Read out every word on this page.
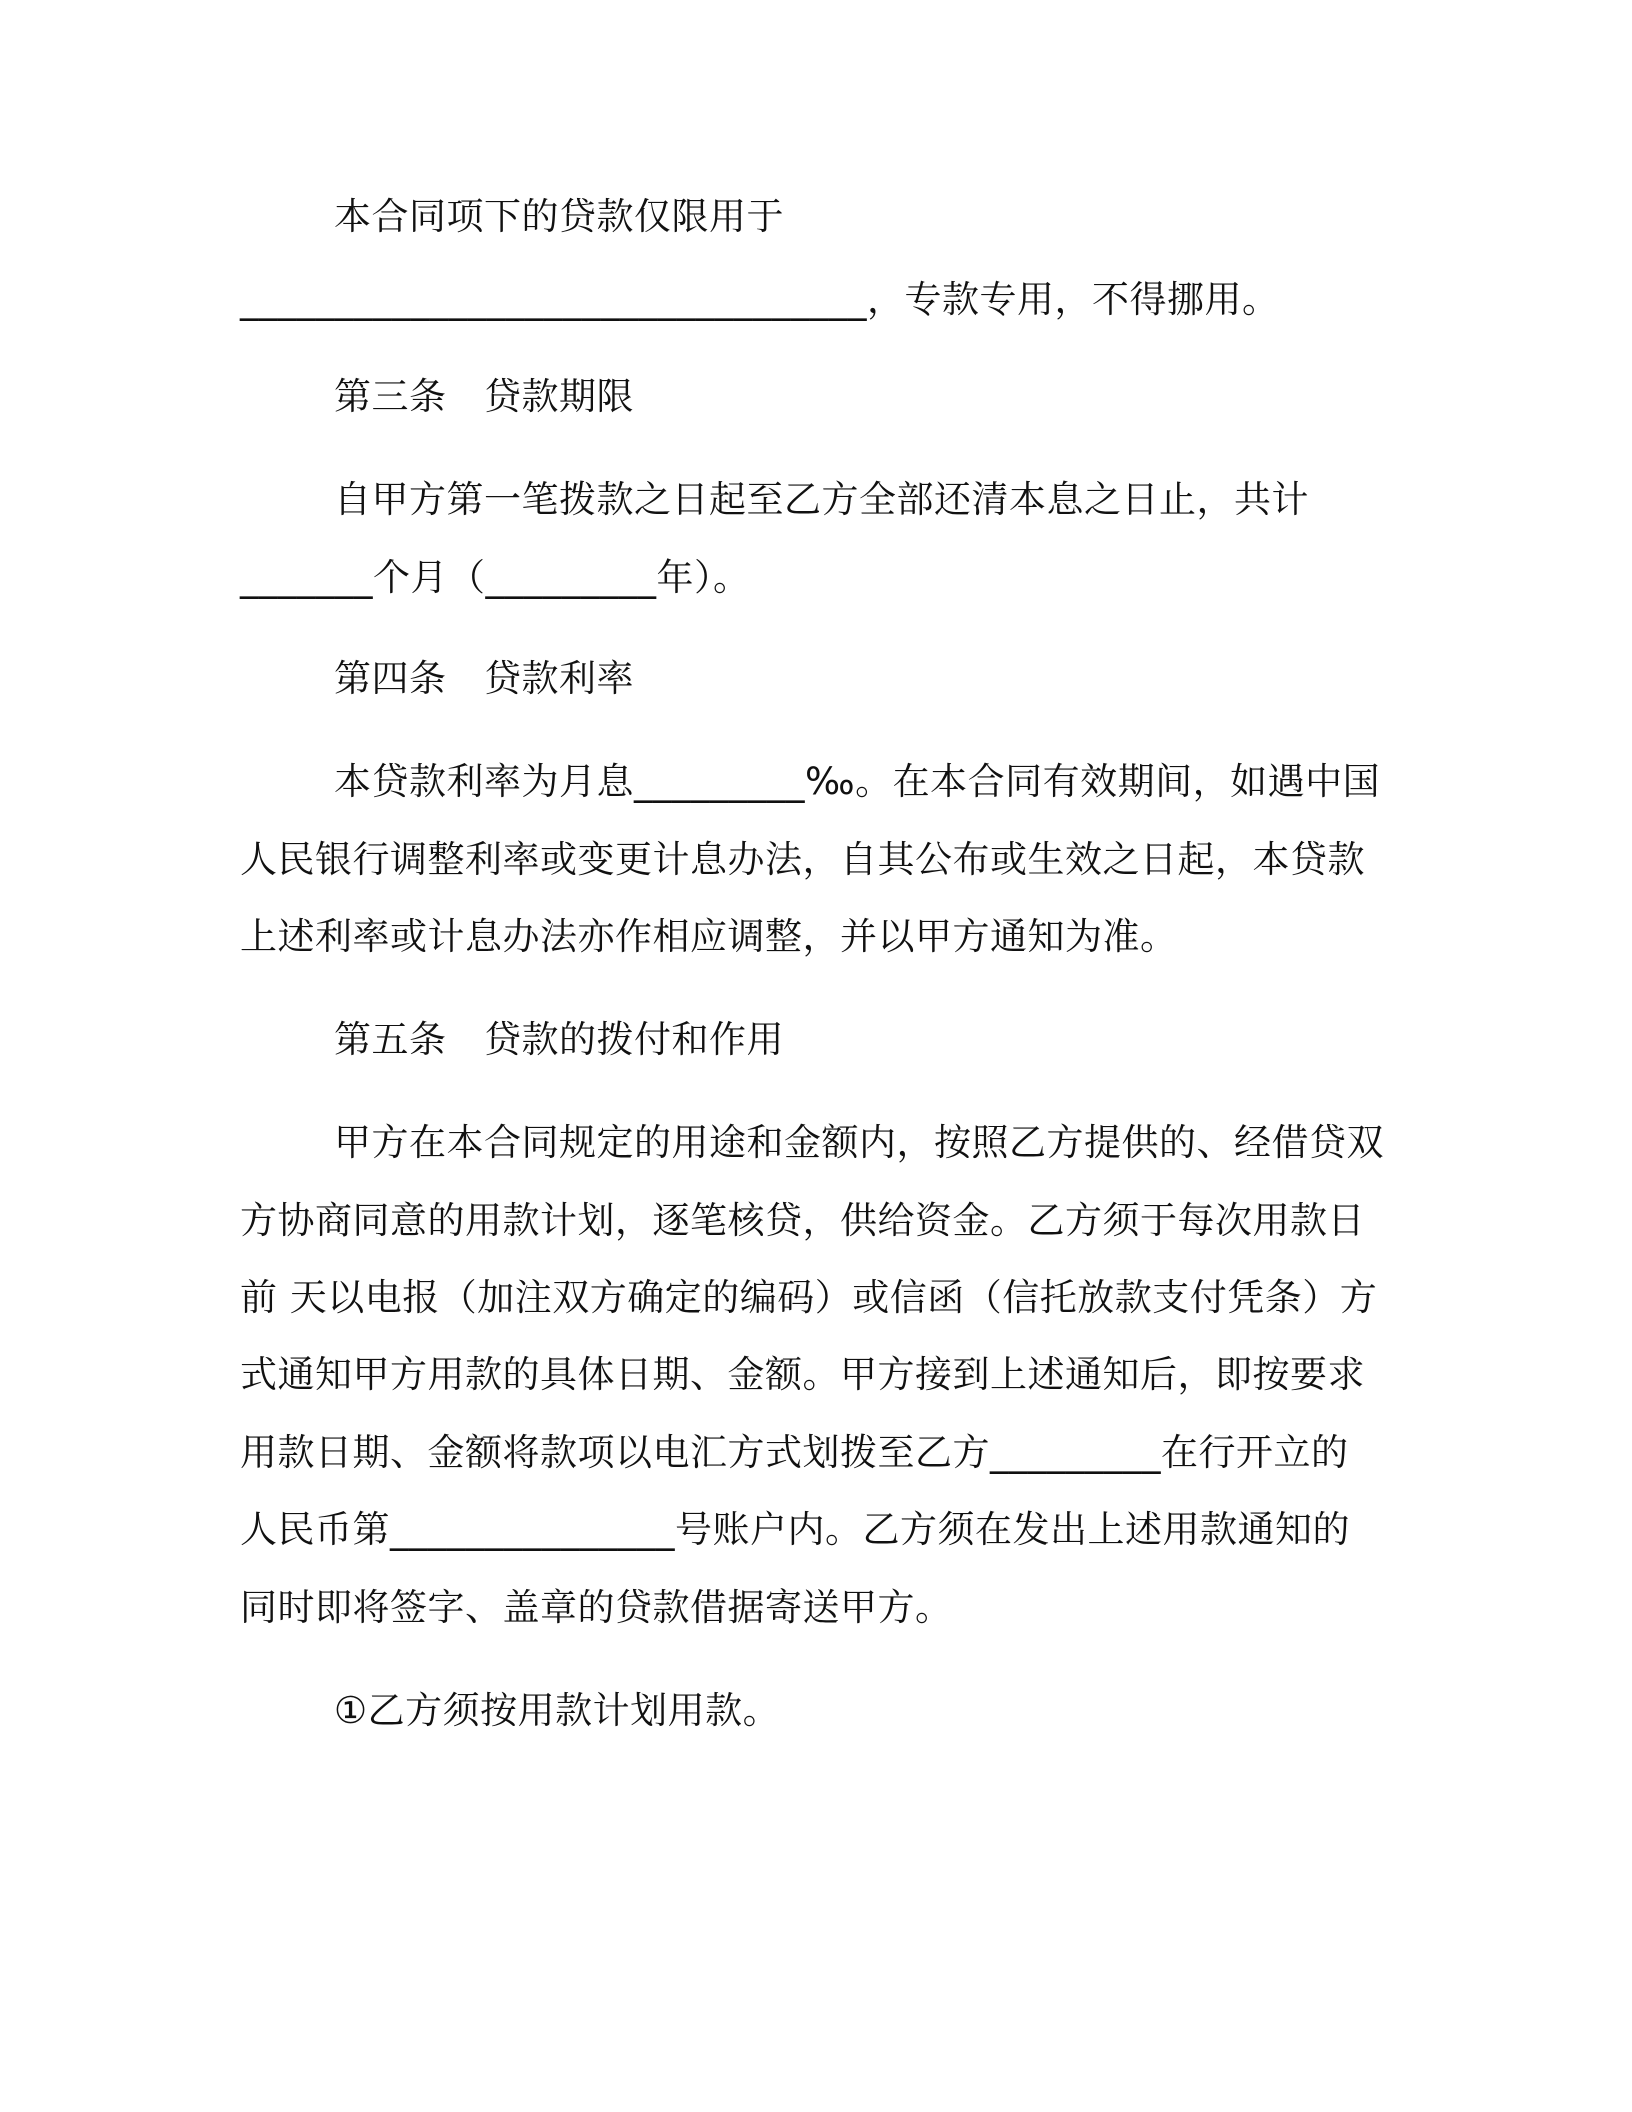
本合同项下的贷款仅限用于
_________________________________，专款专用，不得挪用。
第三条　贷款期限
自甲方第一笔拨款之日起至乙方全部还清本息之日止，共计
_______个月（_________年）。
第四条　贷款利率
本贷款利率为月息_________‰。在本合同有效期间，如遇中国
人民银行调整利率或变更计息办法，自其公布或生效之日起，本贷款
上述利率或计息办法亦作相应调整，并以甲方通知为准。
第五条　贷款的拨付和作用
甲方在本合同规定的用途和金额内，按照乙方提供的、经借贷双
方协商同意的用款计划，逐笔核贷，供给资金。乙方须于每次用款日
前 天以电报（加注双方确定的编码）或信函（信托放款支付凭条）方
式通知甲方用款的具体日期、金额。甲方接到上述通知后，即按要求
用款日期、金额将款项以电汇方式划拨至乙方_________在行开立的
人民币第_______________号账户内。乙方须在发出上述用款通知的
同时即将签字、盖章的贷款借据寄送甲方。
①乙方须按用款计划用款。
